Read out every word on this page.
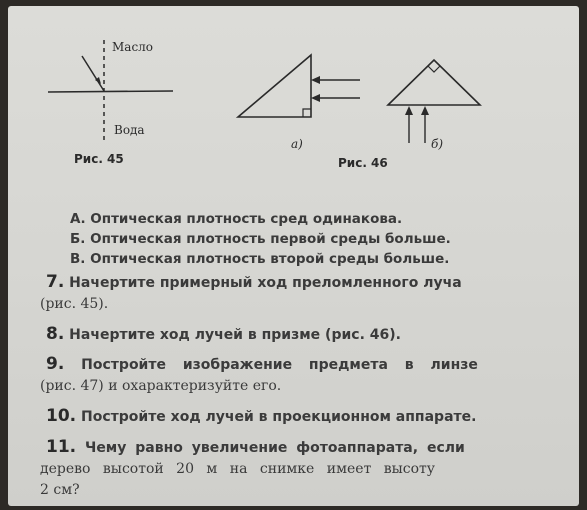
Масло
Вода
Рис. 45
а)	б)
Рис. 46
А. Оптическая плотность сред одинакова.
Б. Оптическая плотность первой среды больше.
В. Оптическая плотность второй среды больше.
7. Начертите примерный ход преломленного луча
(рис. 45).
8. Начертите ход лучей в призме (рис. 46).
9. Постройте изображение предмета в линзе
(рис. 47) и охарактеризуйте его.
10. Постройте ход лучей в проекционном аппарате.
11. Чему равно увеличение фотоаппарата, если
дерево высотой 20 м на снимке имеет высоту
2 см?
